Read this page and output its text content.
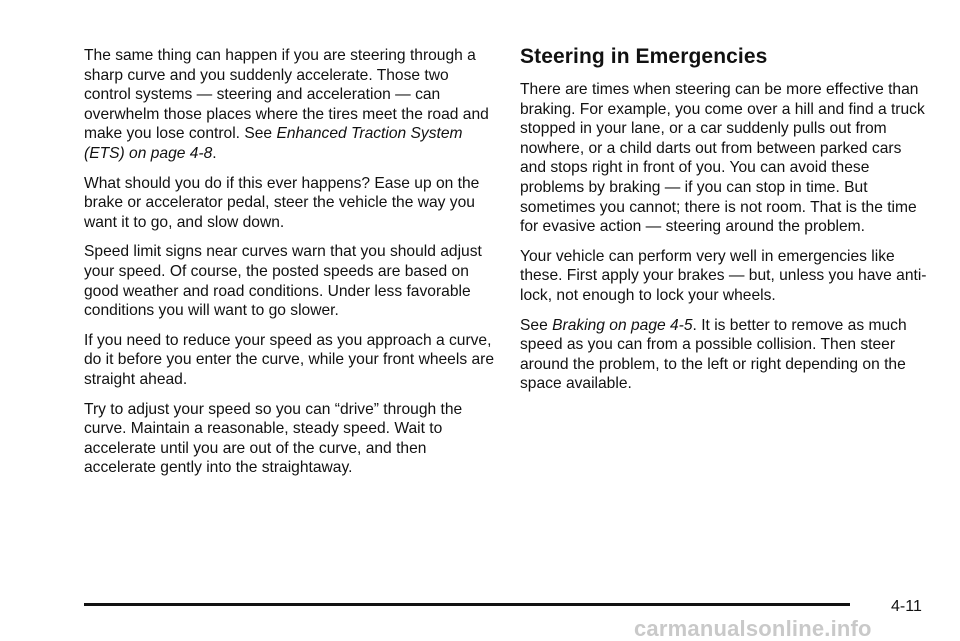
The same thing can happen if you are steering through a sharp curve and you suddenly accelerate. Those two control systems — steering and acceleration — can overwhelm those places where the tires meet the road and make you lose control. See Enhanced Traction System (ETS) on page 4-8.

What should you do if this ever happens? Ease up on the brake or accelerator pedal, steer the vehicle the way you want it to go, and slow down.

Speed limit signs near curves warn that you should adjust your speed. Of course, the posted speeds are based on good weather and road conditions. Under less favorable conditions you will want to go slower.

If you need to reduce your speed as you approach a curve, do it before you enter the curve, while your front wheels are straight ahead.

Try to adjust your speed so you can “drive” through the curve. Maintain a reasonable, steady speed. Wait to accelerate until you are out of the curve, and then accelerate gently into the straightaway.

Steering in Emergencies

There are times when steering can be more effective than braking. For example, you come over a hill and find a truck stopped in your lane, or a car suddenly pulls out from nowhere, or a child darts out from between parked cars and stops right in front of you. You can avoid these problems by braking — if you can stop in time. But sometimes you cannot; there is not room. That is the time for evasive action — steering around the problem.

Your vehicle can perform very well in emergencies like these. First apply your brakes — but, unless you have anti-lock, not enough to lock your wheels.

See Braking on page 4-5. It is better to remove as much speed as you can from a possible collision. Then steer around the problem, to the left or right depending on the space available.

4-11
carmanualsonline.info
